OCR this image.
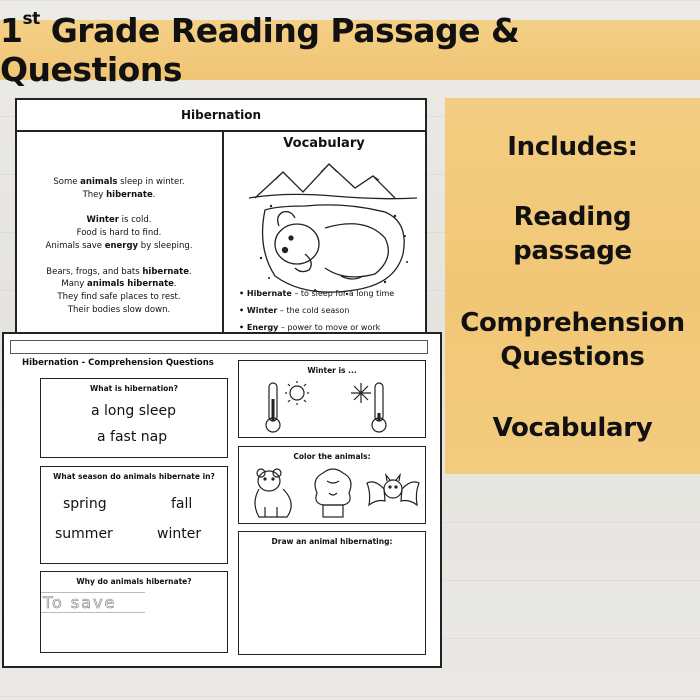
1st Grade Reading Passage & Questions
Includes:
Reading
passage
Comprehension
Questions
Vocabulary
Hibernation
Some animals sleep in winter.
They hibernate.
Winter is cold.
Food is hard to find.
Animals save energy by sleeping.
Bears, frogs, and bats hibernate.
Many animals hibernate.
They find safe places to rest.
Their bodies slow down.
Vocabulary
• Hibernate – to sleep for a long time
• Winter – the cold season
• Energy – power to move or work
Hibernation - Comprehension Questions
What is hibernation?
a long sleep
a fast nap
What season do animals hibernate in?
spring	fall
summer	winter
Why do animals hibernate?
To save
Winter is ...
Color the animals:
Draw an animal hibernating:
